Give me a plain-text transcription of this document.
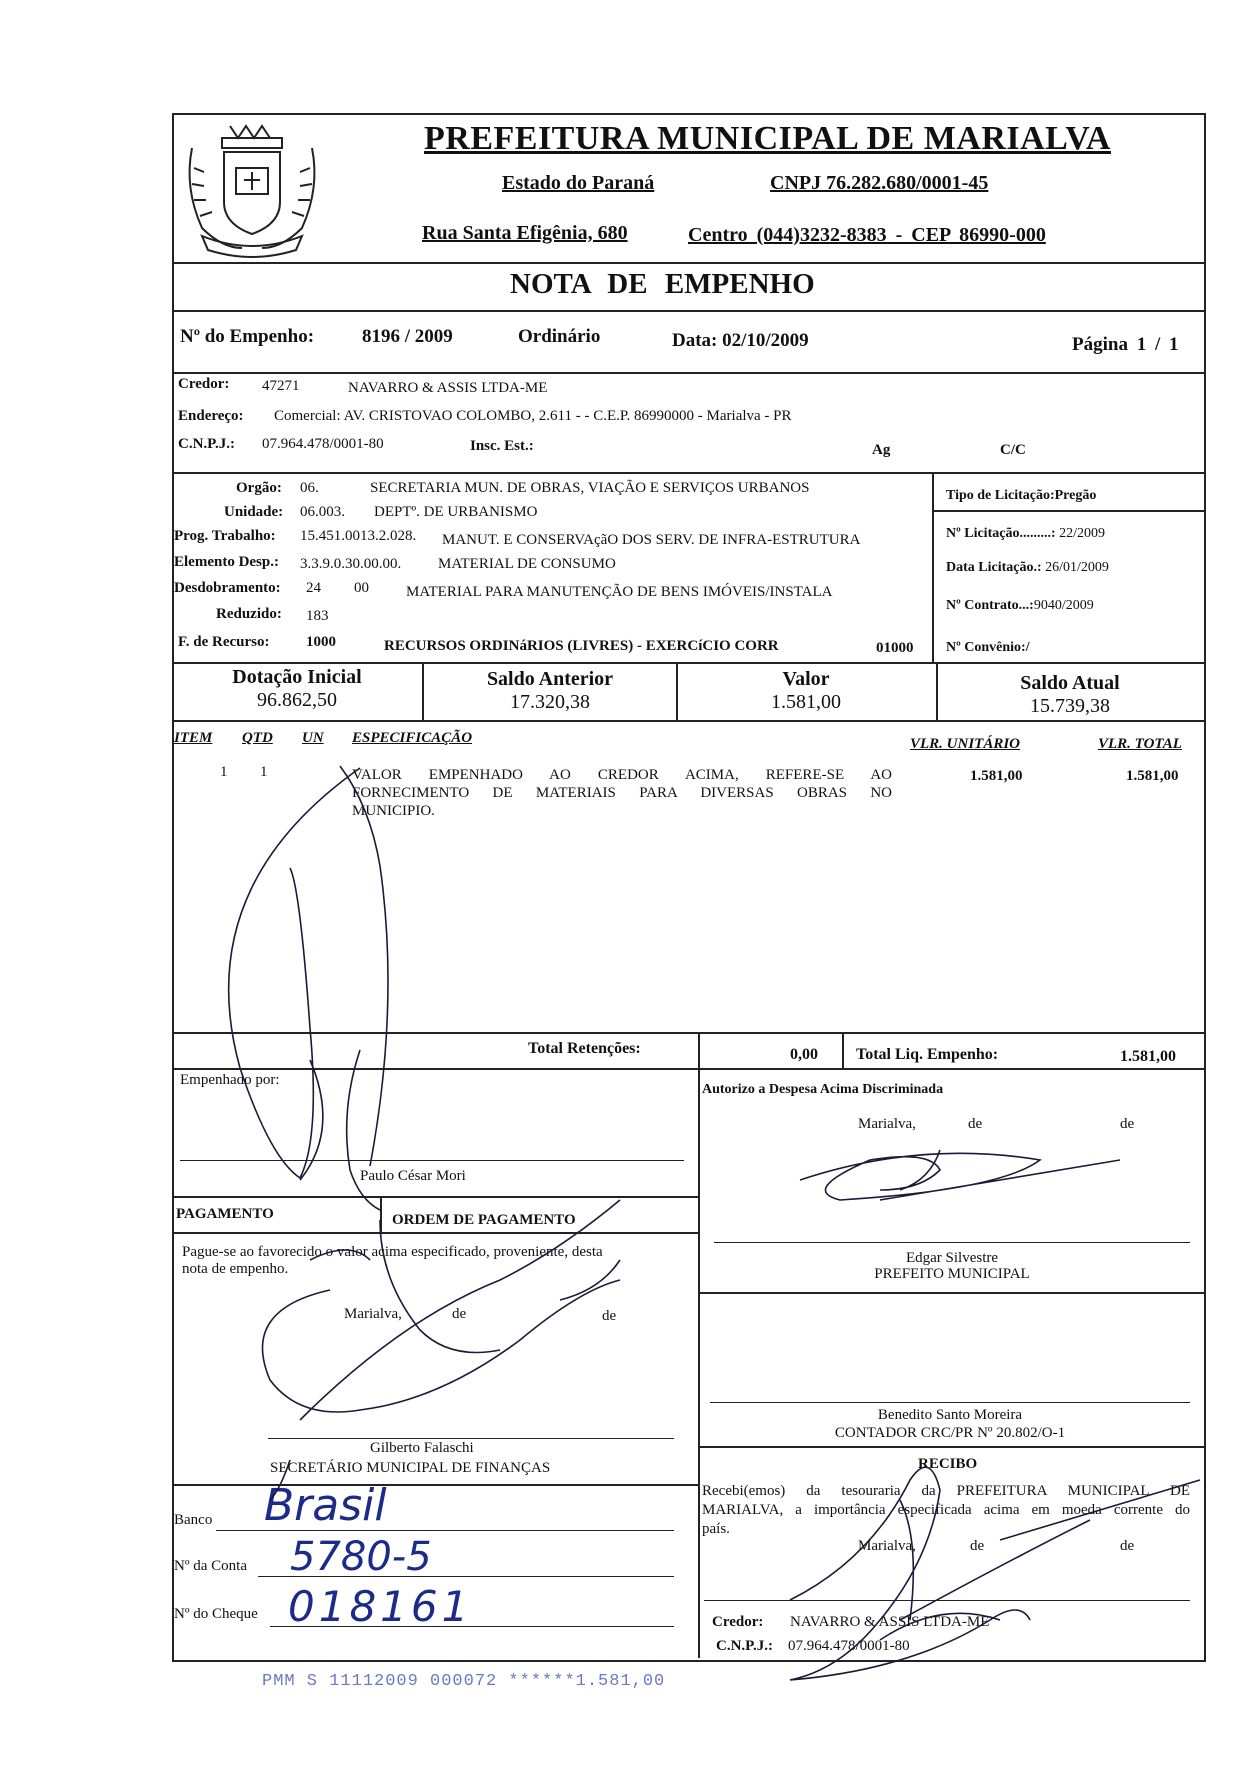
PREFEITURA MUNICIPAL DE MARIALVA
Estado do Paraná	CNPJ 76.282.680/0001-45
Rua Santa Efigênia, 680	Centro (044)3232-8383 - CEP 86990-000
NOTA DE EMPENHO
Nº do Empenho:	8196 / 2009	Ordinário	Data: 02/10/2009	Página 1 / 1
Credor: 47271	NAVARRO & ASSIS LTDA-ME
Endereço: Comercial: AV. CRISTOVAO COLOMBO, 2.611 - - C.E.P. 86990000 - Marialva - PR
C.N.P.J.: 07.964.478/0001-80	Insc. Est.:	Ag	C/C
Orgão: 06.	SECRETARIA MUN. DE OBRAS, VIAÇÃO E SERVIÇOS URBANOS
Unidade: 06.003. DEPTº. DE URBANISMO
Prog. Trabalho: 15.451.0013.2.028. MANUT. E CONSERVAçãO DOS SERV. DE INFRA-ESTRUTURA
Elemento Desp.: 3.3.9.0.30.00.00. MATERIAL DE CONSUMO
Desdobramento: 24 00 MATERIAL PARA MANUTENÇÃO DE BENS IMÓVEIS/INSTALA
Reduzido: 183
F. de Recurso: 1000	RECURSOS ORDINáRIOS (LIVRES) - EXERCíCIO CORR	01000
Tipo de Licitação:Pregão
Nº Licitação.........: 22/2009
Data Licitação.: 26/01/2009
Nº Contrato...:9040/2009
Nº Convênio:/
Dotação Inicial
96.862,50
Saldo Anterior
17.320,38
Valor
1.581,00
Saldo Atual
15.739,38
ITEM QTD UN ESPECIFICAÇÃO	VLR. UNITÁRIO	VLR. TOTAL
1 1	VALOR EMPENHADO AO CREDOR ACIMA, REFERE-SE AO
FORNECIMENTO DE MATERIAIS PARA DIVERSAS OBRAS NO
MUNICIPIO.
1.581,00	1.581,00
Total Retenções:	0,00 Total Liq. Empenho:	1.581,00
Empenhado por:
Paulo César Mori
Autorizo a Despesa Acima Discriminada
Marialva,	de	de
Edgar Silvestre
PREFEITO MUNICIPAL
PAGAMENTO	ORDEM DE PAGAMENTO
Pague-se ao favorecido o valor acima especificado, proveniente, desta
nota de empenho.
Marialva,	de	de
Gilberto Falaschi
SECRETÁRIO MUNICIPAL DE FINANÇAS
Benedito Santo Moreira
CONTADOR CRC/PR Nº 20.802/O-1
Banco Brasil
Nº da Conta 5780-5
Nº do Cheque 018161
RECIBO
Recebi(emos) da tesouraria da PREFEITURA MUNICIPAL DE
MARIALVA, a importância especificada acima em moeda corrente do
país.
Marialva,	de	de
Credor: NAVARRO & ASSIS LTDA-ME
C.N.P.J.: 07.964.478/0001-80
PMM S 11112009 000072 ******1.581,00
